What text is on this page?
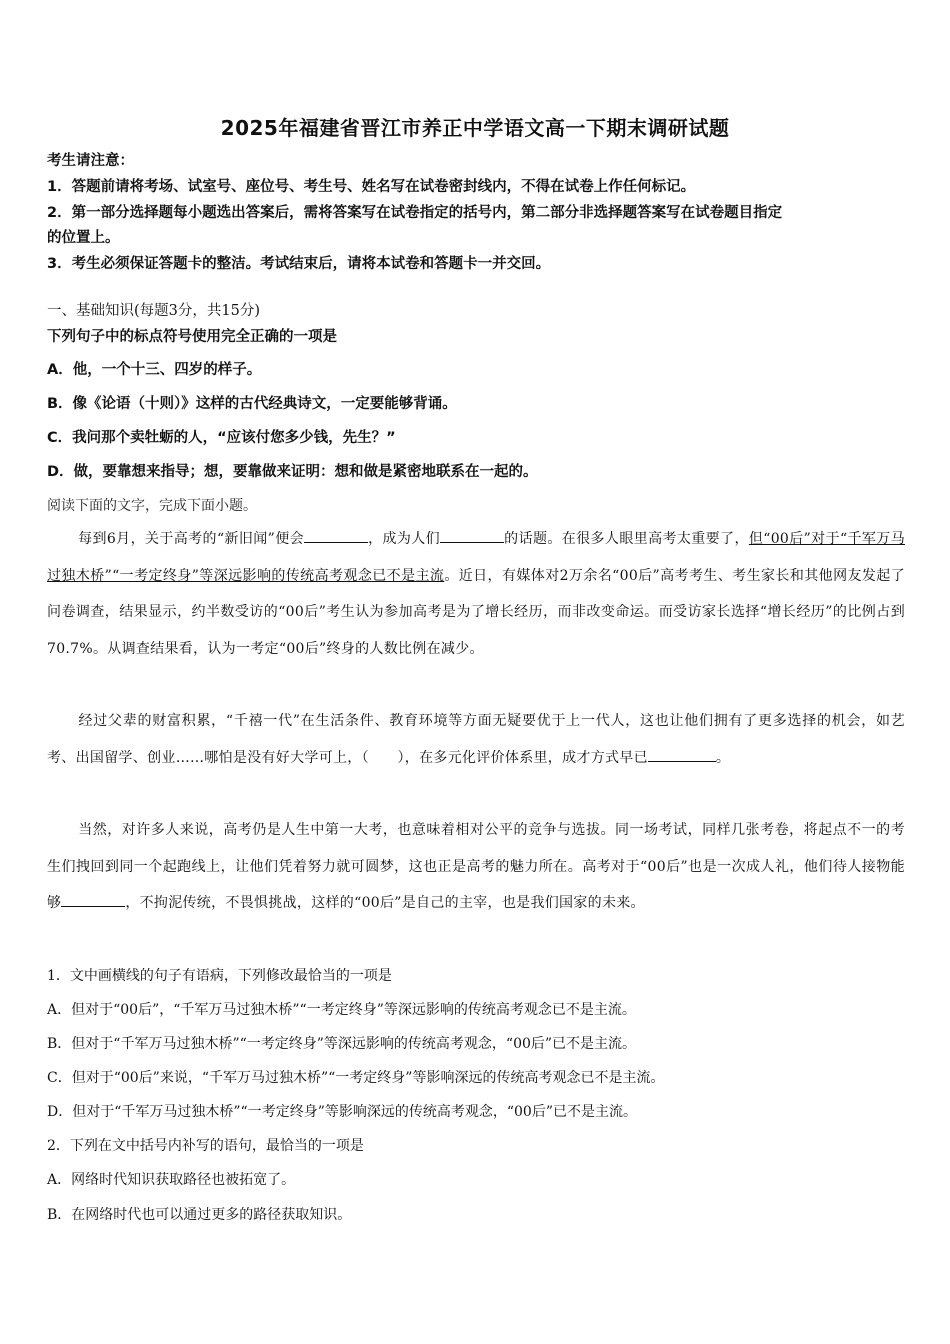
2025年福建省晋江市养正中学语文高一下期末调研试题
考生请注意：
1．答题前请将考场、试室号、座位号、考生号、姓名写在试卷密封线内，不得在试卷上作任何标记。
2．第一部分选择题每小题选出答案后，需将答案写在试卷指定的括号内，第二部分非选择题答案写在试卷题目指定
的位置上。
3．考生必须保证答题卡的整洁。考试结束后，请将本试卷和答题卡一并交回。
一、基础知识(每题3分，共15分)
下列句子中的标点符号使用完全正确的一项是
A．他，一个十三、四岁的样子。
B．像《论语（十则）》这样的古代经典诗文，一定要能够背诵。
C．我问那个卖牡蛎的人，“应该付您多少钱，先生？”
D．做，要靠想来指导；想，要靠做来证明：想和做是紧密地联系在一起的。
阅读下面的文字，完成下面小题。
每到6月，关于高考的“新旧闻”便会	，成为人们	的话题。在很多人眼里高考太重要了，但“00后”对于“千军万马过独木桥”“一考定终身”等深远影响的传统高考观念已不是主流。近日，有媒体对2万余名“00后”高考考生、考生家长和其他网友发起了问卷调查，结果显示，约半数受访的“00后”考生认为参加高考是为了增长经历，而非改变命运。而受访家长选择“增长经历”的比例占到70.7%。从调查结果看，认为一考定“00后”终身的人数比例在减少。
经过父辈的财富积累，“千禧一代”在生活条件、教育环境等方面无疑要优于上一代人，这也让他们拥有了更多选择的机会，如艺考、出国留学、创业……哪怕是没有好大学可上，（　　），在多元化评价体系里，成才方式早已	。
当然，对许多人来说，高考仍是人生中第一大考，也意味着相对公平的竞争与选拔。同一场考试，同样几张考卷，将起点不一的考生们拽回到同一个起跑线上，让他们凭着努力就可圆梦，这也正是高考的魅力所在。高考对于“00后”也是一次成人礼，他们待人接物能够	，不拘泥传统，不畏惧挑战，这样的“00后”是自己的主宰，也是我们国家的未来。
1．文中画横线的句子有语病，下列修改最恰当的一项是
A．但对于“00后”，“千军万马过独木桥”“一考定终身”等深远影响的传统高考观念已不是主流。
B．但对于“千军万马过独木桥”“一考定终身”等深远影响的传统高考观念，“00后”已不是主流。
C．但对于“00后”来说，“千军万马过独木桥”“一考定终身”等影响深远的传统高考观念已不是主流。
D．但对于“千军万马过独木桥”“一考定终身”等影响深远的传统高考观念，“00后”已不是主流。
2．下列在文中括号内补写的语句，最恰当的一项是
A．网络时代知识获取路径也被拓宽了。
B．在网络时代也可以通过更多的路径获取知识。
